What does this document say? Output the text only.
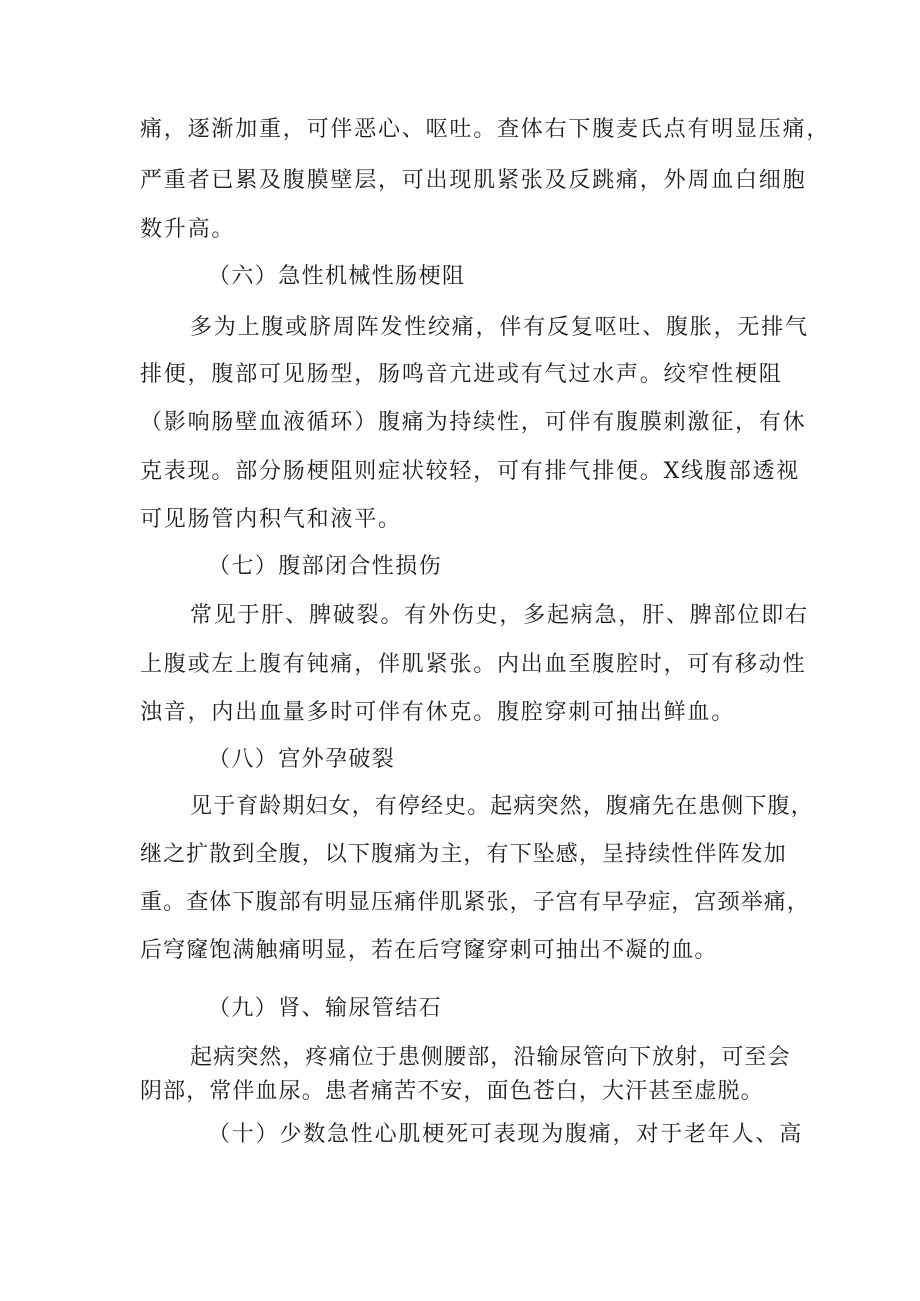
痛，逐渐加重，可伴恶心、呕吐。查体右下腹麦氏点有明显压痛，
严重者已累及腹膜壁层，可出现肌紧张及反跳痛，外周血白细胞
数升高。
（六）急性机械性肠梗阻
多为上腹或脐周阵发性绞痛，伴有反复呕吐、腹胀，无排气
排便，腹部可见肠型，肠鸣音亢进或有气过水声。绞窄性梗阻
（影响肠壁血液循环）腹痛为持续性，可伴有腹膜刺激征，有休
克表现。部分肠梗阻则症状较轻，可有排气排便。X线腹部透视
可见肠管内积气和液平。
（七）腹部闭合性损伤
常见于肝、脾破裂。有外伤史，多起病急，肝、脾部位即右
上腹或左上腹有钝痛，伴肌紧张。内出血至腹腔时，可有移动性
浊音，内出血量多时可伴有休克。腹腔穿刺可抽出鲜血。
（八）宫外孕破裂
见于育龄期妇女，有停经史。起病突然，腹痛先在患侧下腹，
继之扩散到全腹，以下腹痛为主，有下坠感，呈持续性伴阵发加
重。查体下腹部有明显压痛伴肌紧张，子宫有早孕症，宫颈举痛，
后穹窿饱满触痛明显，若在后穹窿穿刺可抽出不凝的血。
（九）肾、输尿管结石
起病突然，疼痛位于患侧腰部，沿输尿管向下放射，可至会
阴部，常伴血尿。患者痛苦不安，面色苍白，大汗甚至虚脱。
（十）少数急性心肌梗死可表现为腹痛，对于老年人、高
